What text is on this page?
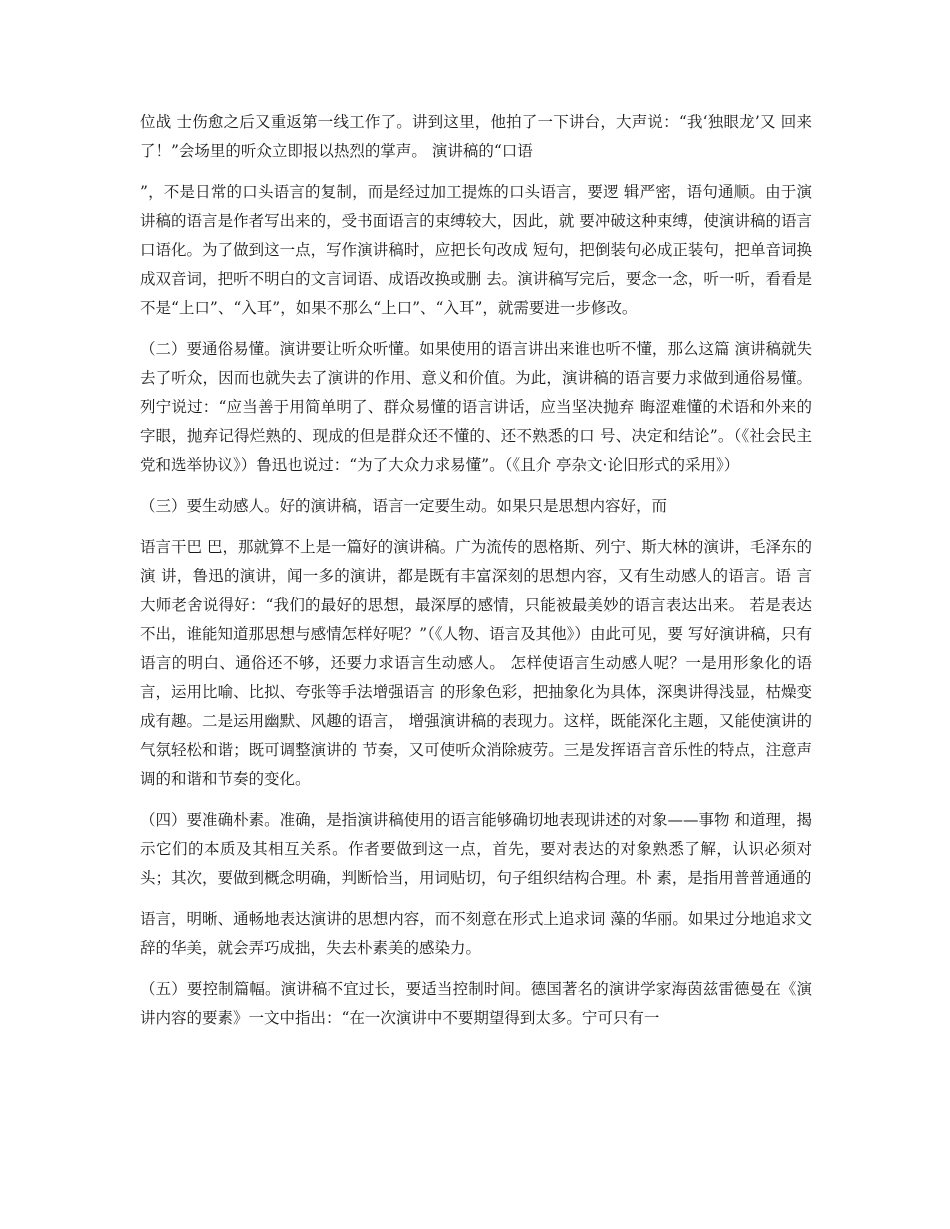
位战 士伤愈之后又重返第一线工作了。讲到这里，他拍了一下讲台，大声说：“我‘独眼龙’又 回来了！”会场里的听众立即报以热烈的掌声。 演讲稿的“口语

”，不是日常的口头语言的复制，而是经过加工提炼的口头语言，要逻 辑严密，语句通顺。由于演讲稿的语言是作者写出来的，受书面语言的束缚较大，因此，就 要冲破这种束缚，使演讲稿的语言口语化。为了做到这一点，写作演讲稿时，应把长句改成 短句，把倒装句必成正装句，把单音词换成双音词，把听不明白的文言词语、成语改换或删 去。演讲稿写完后，要念一念，听一听，看看是不是“上口”、“入耳”，如果不那么“上口”、“入耳”，就需要进一步修改。

（二）要通俗易懂。演讲要让听众听懂。如果使用的语言讲出来谁也听不懂，那么这篇 演讲稿就失去了听众，因而也就失去了演讲的作用、意义和价值。为此，演讲稿的语言要力求做到通俗易懂。列宁说过：“应当善于用简单明了、群众易懂的语言讲话，应当坚决抛弃 晦涩难懂的术语和外来的字眼，抛弃记得烂熟的、现成的但是群众还不懂的、还不熟悉的口 号、决定和结论”。（《社会民主党和选举协议》）鲁迅也说过：“为了大众力求易懂”。（《且介 亭杂文·论旧形式的采用》）

（三）要生动感人。好的演讲稿，语言一定要生动。如果只是思想内容好，而

语言干巴 巴，那就算不上是一篇好的演讲稿。广为流传的恩格斯、列宁、斯大林的演讲，毛泽东的演 讲，鲁迅的演讲，闻一多的演讲，都是既有丰富深刻的思想内容，又有生动感人的语言。语 言大师老舍说得好：“我们的最好的思想，最深厚的感情，只能被最美妙的语言表达出来。 若是表达不出，谁能知道那思想与感情怎样好呢？”（《人物、语言及其他》）由此可见，要 写好演讲稿，只有语言的明白、通俗还不够，还要力求语言生动感人。 怎样使语言生动感人呢？一是用形象化的语言，运用比喻、比拟、夸张等手法增强语言 的形象色彩，把抽象化为具体，深奥讲得浅显，枯燥变成有趣。二是运用幽默、风趣的语言， 增强演讲稿的表现力。这样，既能深化主题，又能使演讲的气氛轻松和谐；既可调整演讲的 节奏，又可使听众消除疲劳。三是发挥语言音乐性的特点，注意声调的和谐和节奏的变化。

（四）要准确朴素。准确，是指演讲稿使用的语言能够确切地表现讲述的对象——事物 和道理，揭示它们的本质及其相互关系。作者要做到这一点，首先，要对表达的对象熟悉了解，认识必须对头；其次，要做到概念明确，判断恰当，用词贴切，句子组织结构合理。朴 素，是指用普普通通的

语言，明晰、通畅地表达演讲的思想内容，而不刻意在形式上追求词 藻的华丽。如果过分地追求文辞的华美，就会弄巧成拙，失去朴素美的感染力。

（五）要控制篇幅。演讲稿不宜过长，要适当控制时间。德国著名的演讲学家海茵兹雷德曼在《演讲内容的要素》一文中指出：“在一次演讲中不要期望得到太多。宁可只有一
